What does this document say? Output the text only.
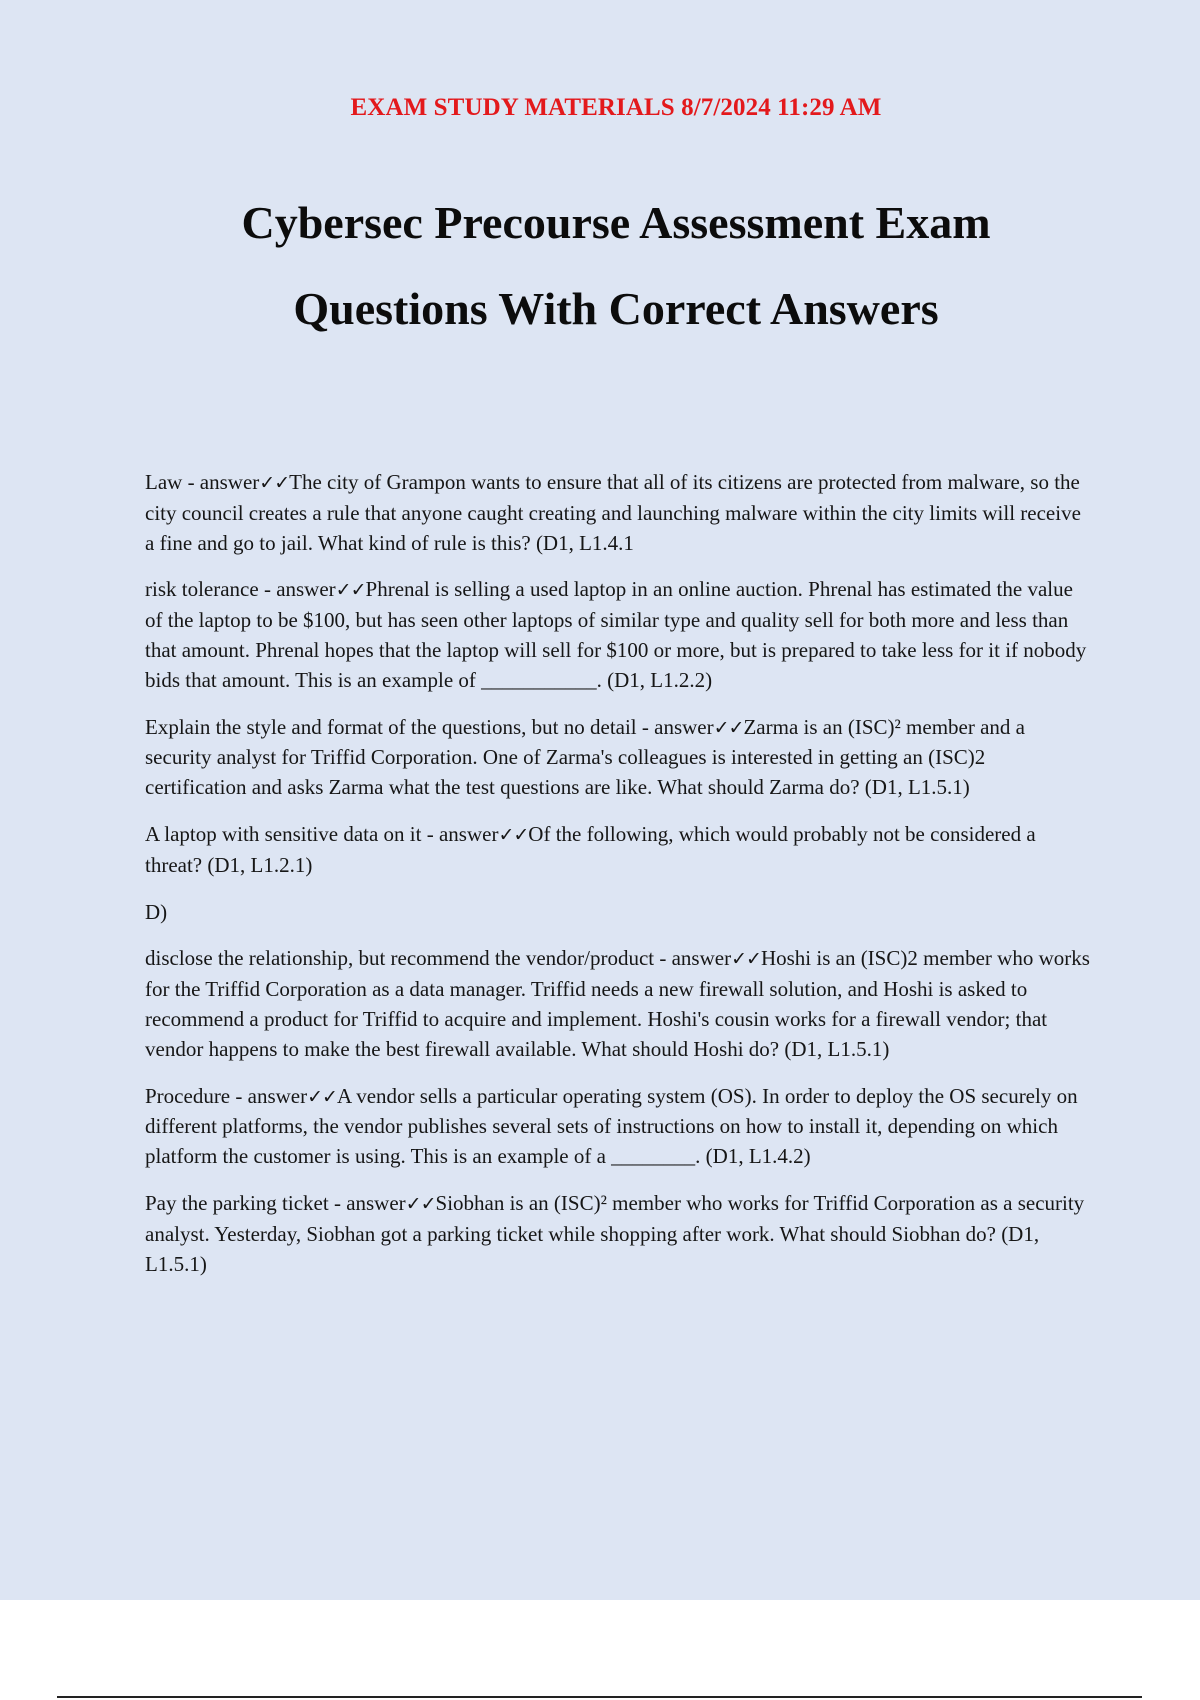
EXAM STUDY MATERIALS 8/7/2024 11:29 AM
Cybersec Precourse Assessment Exam
Questions With Correct Answers

Law - answer✓✓The city of Grampon wants to ensure that all of its citizens are protected from malware, so the city council creates a rule that anyone caught creating and launching malware within the city limits will receive a fine and go to jail. What kind of rule is this? (D1, L1.4.1

risk tolerance - answer✓✓Phrenal is selling a used laptop in an online auction. Phrenal has estimated the value of the laptop to be $100, but has seen other laptops of similar type and quality sell for both more and less than that amount. Phrenal hopes that the laptop will sell for $100 or more, but is prepared to take less for it if nobody bids that amount. This is an example of ___________. (D1, L1.2.2)

Explain the style and format of the questions, but no detail - answer✓✓Zarma is an (ISC)² member and a security analyst for Triffid Corporation. One of Zarma's colleagues is interested in getting an (ISC)2 certification and asks Zarma what the test questions are like. What should Zarma do? (D1, L1.5.1)

A laptop with sensitive data on it - answer✓✓Of the following, which would probably not be considered a threat? (D1, L1.2.1)

D)

disclose the relationship, but recommend the vendor/product - answer✓✓Hoshi is an (ISC)2 member who works for the Triffid Corporation as a data manager. Triffid needs a new firewall solution, and Hoshi is asked to recommend a product for Triffid to acquire and implement. Hoshi's cousin works for a firewall vendor; that vendor happens to make the best firewall available. What should Hoshi do? (D1, L1.5.1)

Procedure - answer✓✓A vendor sells a particular operating system (OS). In order to deploy the OS securely on different platforms, the vendor publishes several sets of instructions on how to install it, depending on which platform the customer is using. This is an example of a ________. (D1, L1.4.2)

Pay the parking ticket - answer✓✓Siobhan is an (ISC)² member who works for Triffid Corporation as a security analyst. Yesterday, Siobhan got a parking ticket while shopping after work. What should Siobhan do? (D1, L1.5.1)
